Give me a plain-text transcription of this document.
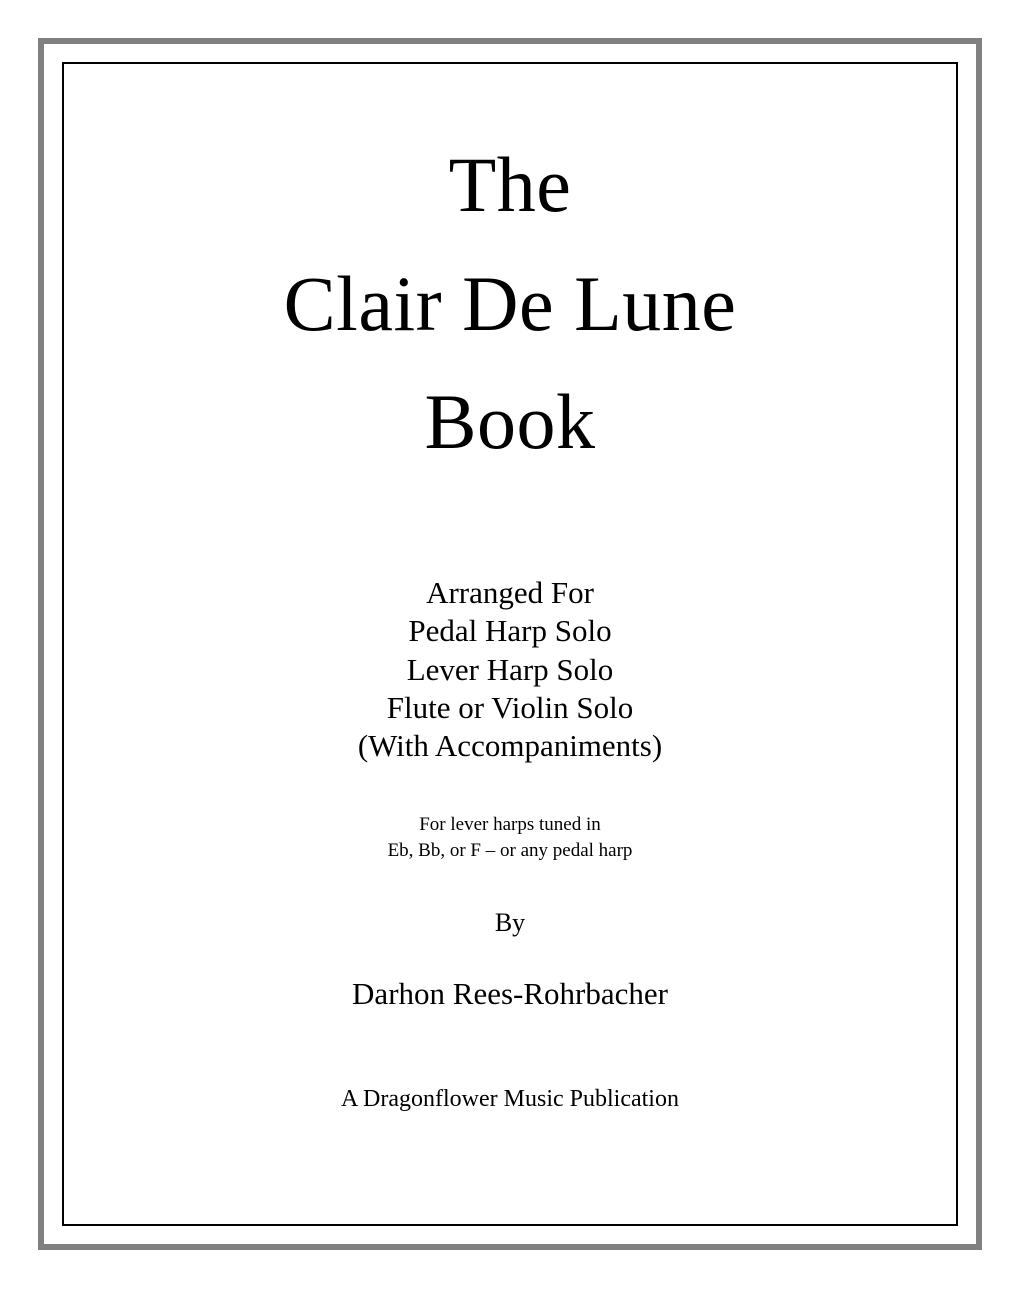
The
Clair De Lune
Book
Arranged For
Pedal Harp Solo
Lever Harp Solo
Flute or Violin Solo
(With Accompaniments)
For lever harps tuned in
Eb, Bb, or F – or any pedal harp
By
Darhon Rees-Rohrbacher
A Dragonflower Music Publication
